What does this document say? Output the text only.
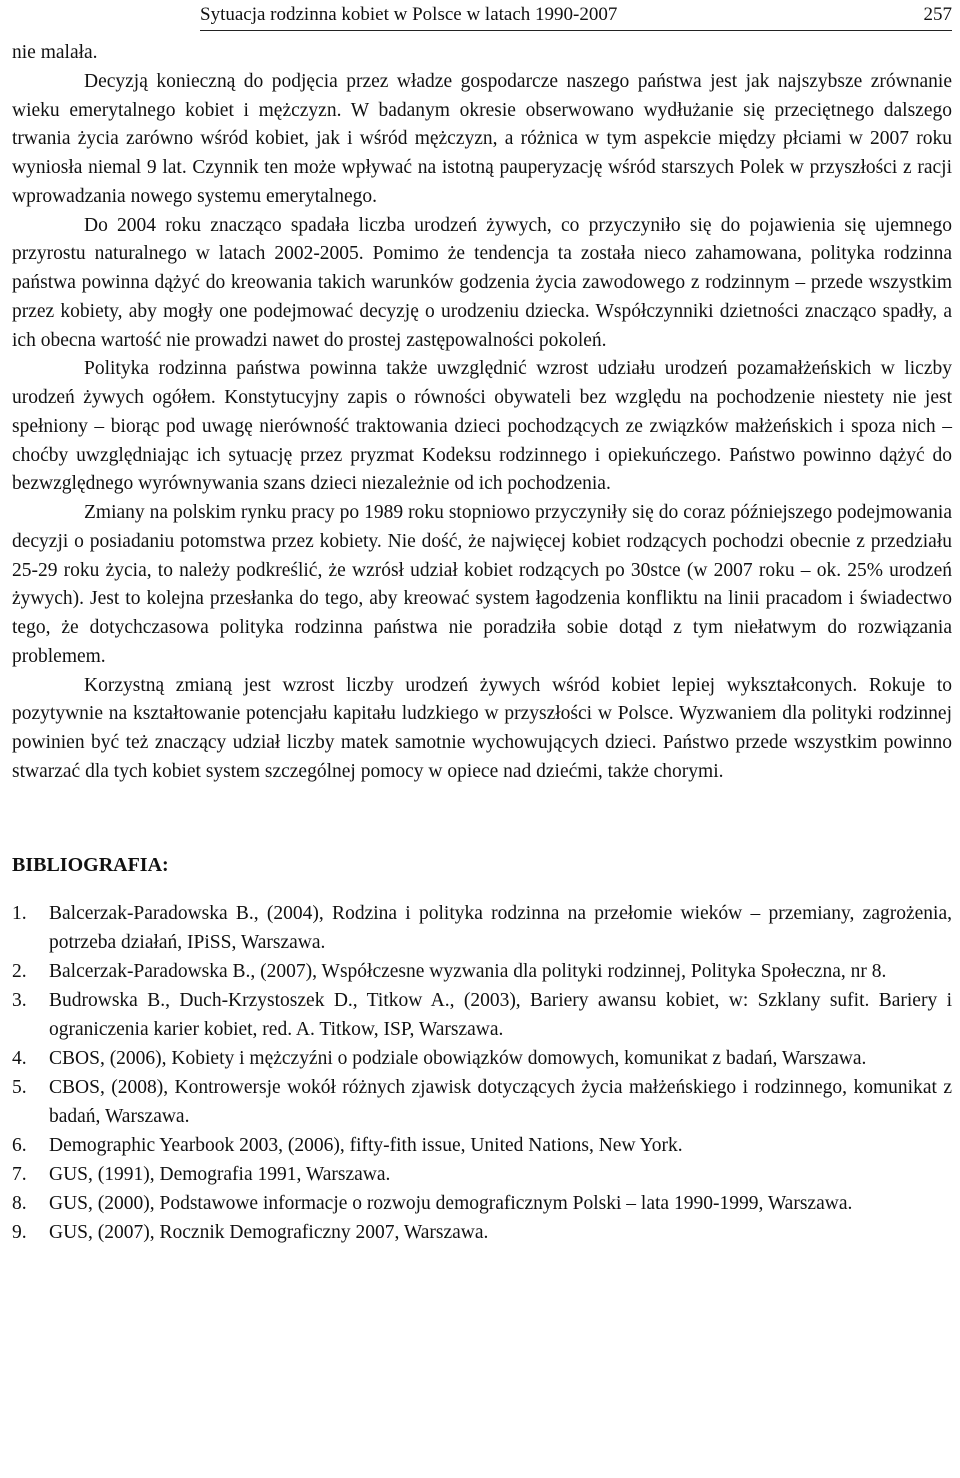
Sytuacja rodzinna kobiet w Polsce w latach 1990-2007	257

nie malała.

Decyzją konieczną do podjęcia przez władze gospodarcze naszego państwa jest jak najszybsze zrównanie wieku emerytalnego kobiet i mężczyzn. W badanym okresie obserwowano wydłużanie się przeciętnego dalszego trwania życia zarówno wśród kobiet, jak i wśród mężczyzn, a różnica w tym aspekcie między płciami w 2007 roku wyniosła niemal 9 lat. Czynnik ten może wpływać na istotną pauperyzację wśród starszych Polek w przyszłości z racji wprowadzania nowego systemu emerytalnego.

Do 2004 roku znacząco spadała liczba urodzeń żywych, co przyczyniło się do pojawienia się ujemnego przyrostu naturalnego w latach 2002-2005. Pomimo że tendencja ta została nieco zahamowana, polityka rodzinna państwa powinna dążyć do kreowania takich warunków godzenia życia zawodowego z rodzinnym – przede wszystkim przez kobiety, aby mogły one podejmować decyzję o urodzeniu dziecka. Współczynniki dzietności znacząco spadły, a ich obecna wartość nie prowadzi nawet do prostej zastępowalności pokoleń.

Polityka rodzinna państwa powinna także uwzględnić wzrost udziału urodzeń pozamałżeńskich w liczby urodzeń żywych ogółem. Konstytucyjny zapis o równości obywateli bez względu na pochodzenie niestety nie jest spełniony – biorąc pod uwagę nierówność traktowania dzieci pochodzących ze związków małżeńskich i spoza nich – choćby uwzględniając ich sytuację przez pryzmat Kodeksu rodzinnego i opiekuńczego. Państwo powinno dążyć do bezwzględnego wyrównywania szans dzieci niezależnie od ich pochodzenia.

Zmiany na polskim rynku pracy po 1989 roku stopniowo przyczyniły się do coraz późniejszego podejmowania decyzji o posiadaniu potomstwa przez kobiety. Nie dość, że najwięcej kobiet rodzących pochodzi obecnie z przedziału 25-29 roku życia, to należy podkreślić, że wzrósł udział kobiet rodzących po 30stce (w 2007 roku – ok. 25% urodzeń żywych). Jest to kolejna przesłanka do tego, aby kreować system łagodzenia konfliktu na linii pracadom i świadectwo tego, że dotychczasowa polityka rodzinna państwa nie poradziła sobie dotąd z tym niełatwym do rozwiązania problemem.

Korzystną zmianą jest wzrost liczby urodzeń żywych wśród kobiet lepiej wykształconych. Rokuje to pozytywnie na kształtowanie potencjału kapitału ludzkiego w przyszłości w Polsce. Wyzwaniem dla polityki rodzinnej powinien być też znaczący udział liczby matek samotnie wychowujących dzieci. Państwo przede wszystkim powinno stwarzać dla tych kobiet system szczególnej pomocy w opiece nad dziećmi, także chorymi.

BIBLIOGRAFIA:
1. Balcerzak-Paradowska B., (2004), Rodzina i polityka rodzinna na przełomie wieków – przemiany, zagrożenia, potrzeba działań, IPiSS, Warszawa.
2. Balcerzak-Paradowska B., (2007), Współczesne wyzwania dla polityki rodzinnej, Polityka Społeczna, nr 8.
3. Budrowska B., Duch-Krzystoszek D., Titkow A., (2003), Bariery awansu kobiet, w: Szklany sufit. Bariery i ograniczenia karier kobiet, red. A. Titkow, ISP, Warszawa.
4. CBOS, (2006), Kobiety i mężczyźni o podziale obowiązków domowych, komunikat z badań, Warszawa.
5. CBOS, (2008), Kontrowersje wokół różnych zjawisk dotyczących życia małżeńskiego i rodzinnego, komunikat z badań, Warszawa.
6. Demographic Yearbook 2003, (2006), fifty-fith issue, United Nations, New York.
7. GUS, (1991), Demografia 1991, Warszawa.
8. GUS, (2000), Podstawowe informacje o rozwoju demograficznym Polski – lata 1990-1999, Warszawa.
9. GUS, (2007), Rocznik Demograficzny 2007, Warszawa.
